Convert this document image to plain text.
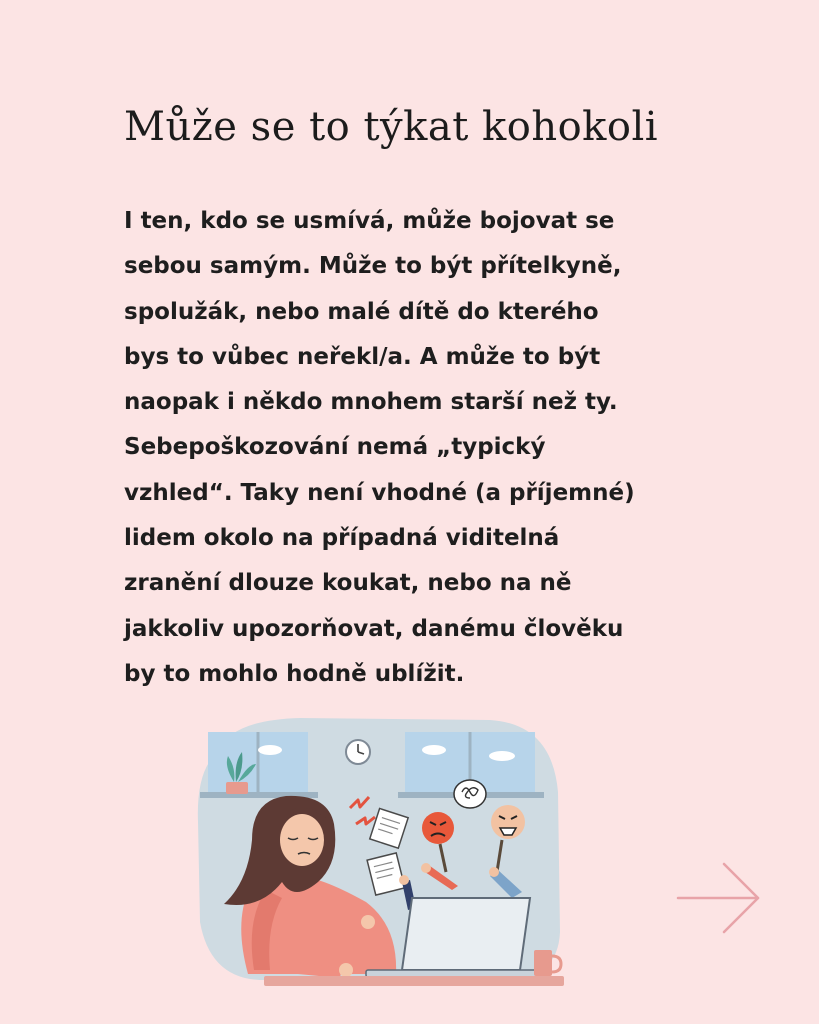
Může se to týkat kohokoli
I ten, kdo se usmívá, může bojovat se
sebou samým. Může to být přítelkyně,
spolužák, nebo malé dítě do kterého
bys to vůbec neřekl/a. A může to být
naopak i někdo mnohem starší než ty.
Sebepoškozování nemá „typický
vzhled“. Taky není vhodné (a příjemné)
lidem okolo na případná viditelná
zranění dlouze koukat, nebo na ně
jakkoliv upozorňovat, danému člověku
by to mohlo hodně ublížit.
